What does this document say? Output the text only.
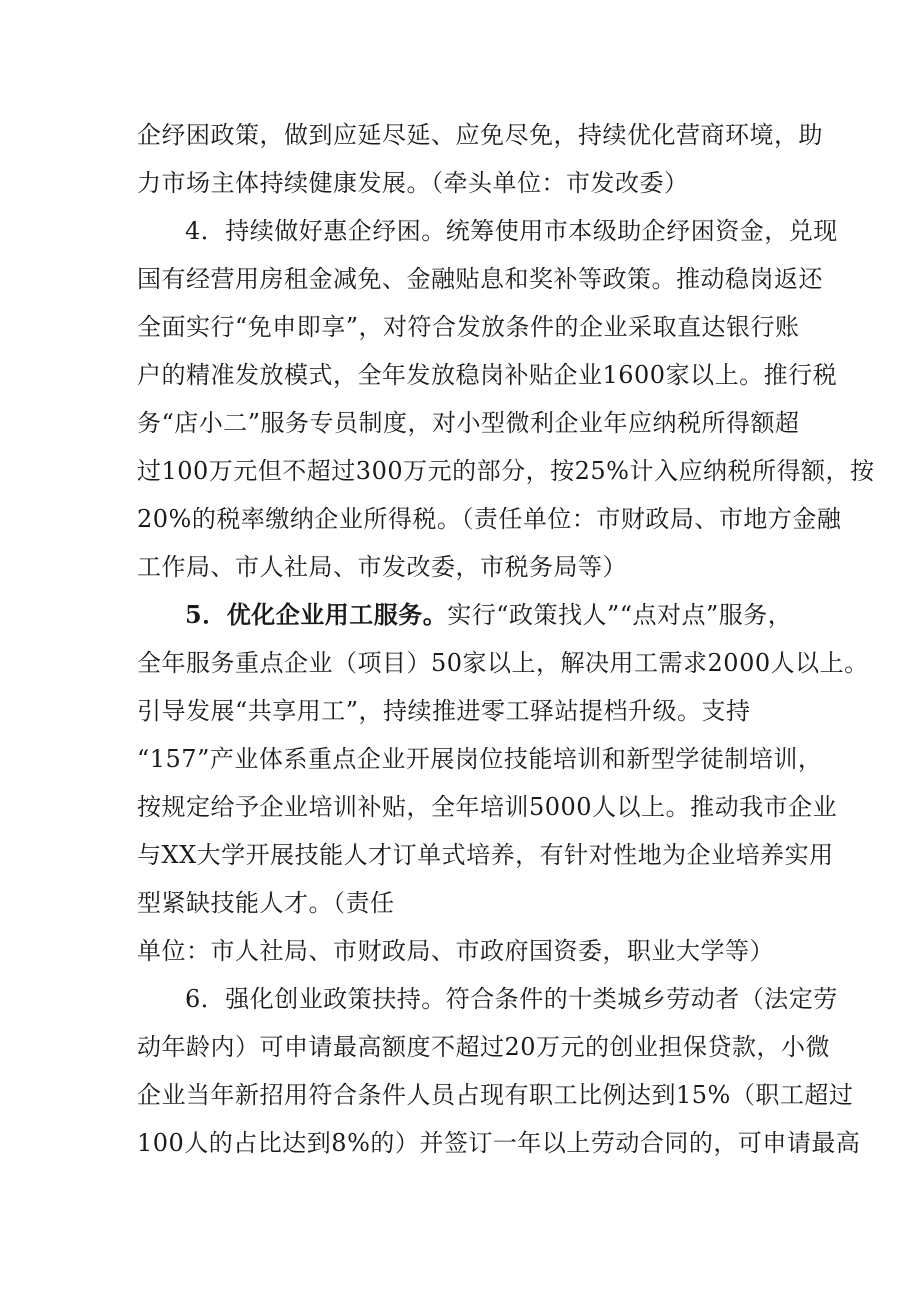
企纾困政策，做到应延尽延、应免尽免，持续优化营商环境，助
力市场主体持续健康发展。（牵头单位：市发改委）
4．持续做好惠企纾困。统筹使用市本级助企纾困资金，兑现
国有经营用房租金减免、金融贴息和奖补等政策。推动稳岗返还
全面实行“免申即享”，对符合发放条件的企业采取直达银行账
户的精准发放模式，全年发放稳岗补贴企业1600家以上。推行税
务“店小二”服务专员制度，对小型微利企业年应纳税所得额超
过100万元但不超过300万元的部分，按25%计入应纳税所得额，按
20%的税率缴纳企业所得税。（责任单位：市财政局、市地方金融
工作局、市人社局、市发改委，市税务局等）
5．优化企业用工服务。实行“政策找人”“点对点”服务，
全年服务重点企业（项目）50家以上，解决用工需求2000人以上。
引导发展“共享用工”，持续推进零工驿站提档升级。支持
“157”产业体系重点企业开展岗位技能培训和新型学徒制培训，
按规定给予企业培训补贴，全年培训5000人以上。推动我市企业
与XX大学开展技能人才订单式培养，有针对性地为企业培养实用
型紧缺技能人才。（责任
单位：市人社局、市财政局、市政府国资委，职业大学等）
6．强化创业政策扶持。符合条件的十类城乡劳动者（法定劳
动年龄内）可申请最高额度不超过20万元的创业担保贷款，小微
企业当年新招用符合条件人员占现有职工比例达到15%（职工超过
100人的占比达到8%的）并签订一年以上劳动合同的，可申请最高
